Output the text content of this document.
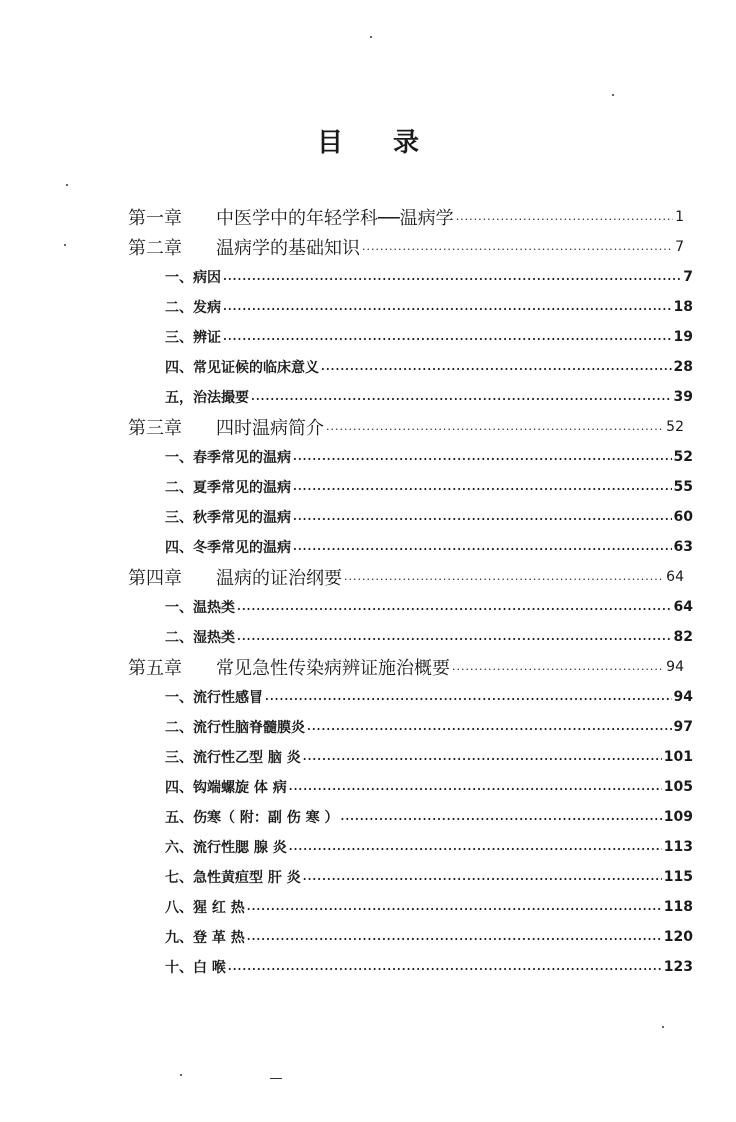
目 录
第一章	中医学中的年轻学科──温病学 ·····	1
第二章	温病学的基础知识 ·····	7
一、 病因 ·····	7
二、 发病 ·····	18
三、 辨证 ·····	19
四、 常见证候的临床意义 ·····	28
五， 治法撮要 ·····	39
第三章	四时温病简介 ·····	52
一、 春季常见的温病 ·····	52
二、 夏季常见的温病 ·····	55
三、 秋季常见的温病 ·····	60
四、 冬季常见的温病 ·····	63
第四章	温病的证治纲要 ·····	64
一、 温热类 ·····	64
二、 湿热类 ·····	82
第五章	常见急性传染病辨证施治概要 ·····	94
一、 流行性感冒 ·····	94
二、 流行性脑脊髓膜炎 ·····	97
三、 流行性乙型 脑 炎 ·····	101
四、 钩端螺旋 体 病 ·····	105
五、 伤寒（ 附：副 伤 寒 ） ·····	109
六、 流行性腮 腺 炎 ·····	113
七、 急性黄疸型 肝 炎 ·····	115
八、 猩 红 热 ·····	118
九、 登 革 热 ·····	120
十、 白 喉 ·····	123
